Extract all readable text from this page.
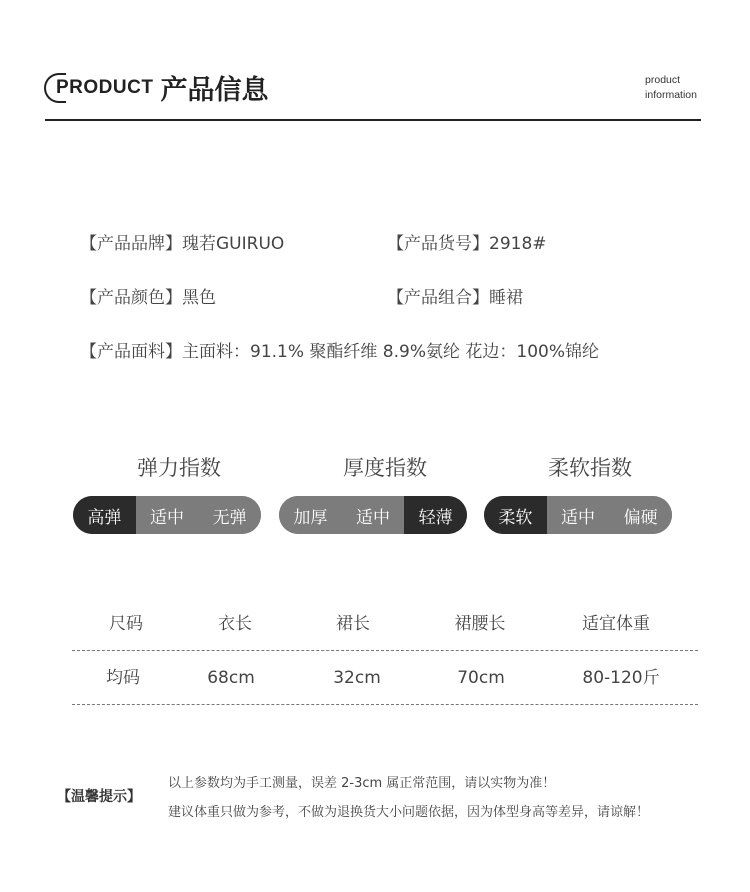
PRODUCT 产品信息	product
information
【产品品牌】瑰若GUIRUO	【产品货号】2918#
【产品颜色】黑色	【产品组合】睡裙
【产品面料】主面料：91.1% 聚酯纤维 8.9%氨纶 花边：100%锦纶
弹力指数
高弹	适中	无弹
厚度指数
加厚	适中	轻薄
柔软指数
柔软	适中	偏硬
尺码	衣长	裙长	裙腰长	适宜体重
均码	68cm	32cm	70cm	80-120斤
【温馨提示】
以上参数均为手工测量，误差 2-3cm 属正常范围，请以实物为准！
建议体重只做为参考，不做为退换货大小问题依据，因为体型身高等差异，请谅解！
